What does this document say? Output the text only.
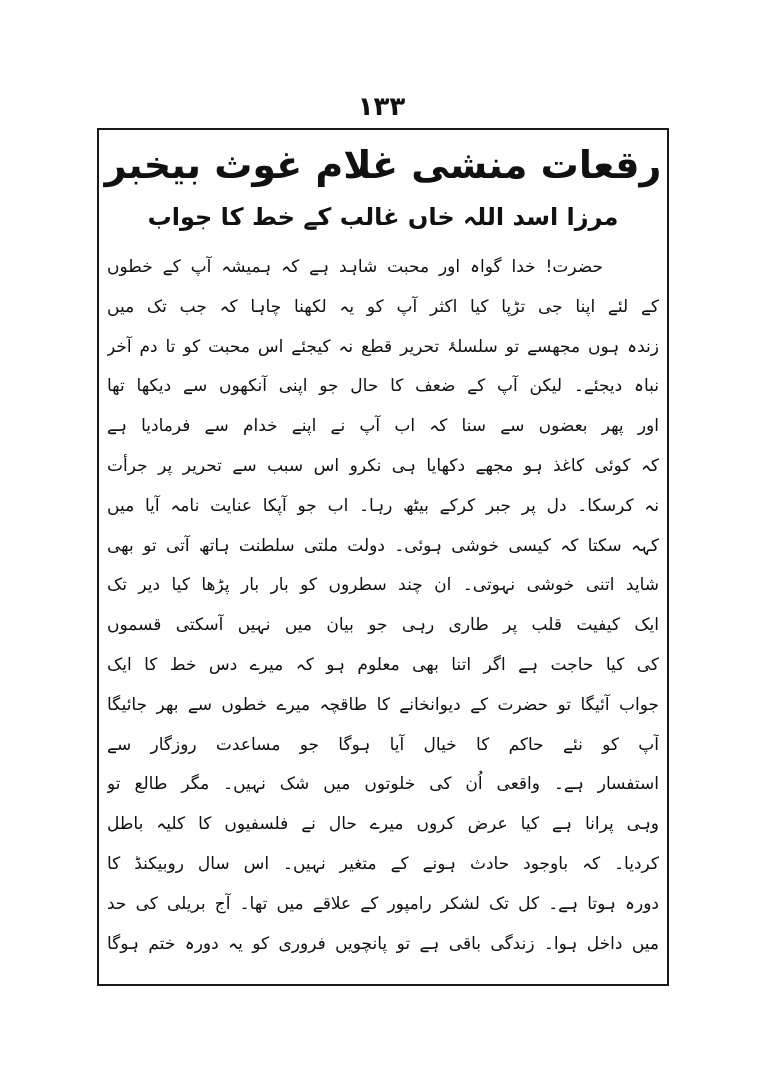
۱۳۳
رقعات منشی غلام غوث بیخبر
مرزا اسد اللہ خاں غالب کے خط کا جواب
حضرت! خدا گواہ اور محبت شاہد ہے کہ ہمیشہ آپ کے خطوں
کے لئے اپنا جی تڑپا کیا اکثر آپ کو یہ لکھنا چاہا کہ جب تک میں
زندہ ہوں مجھسے تو سلسلۂ تحریر قطع نہ کیجئے اس محبت کو تا دم آخر
نباہ دیجئے۔ لیکن آپ کے ضعف کا حال جو اپنی آنکھوں سے دیکھا تھا
اور پھر بعضوں سے سنا کہ اب آپ نے اپنے خدام سے فرمادیا ہے
کہ کوئی کاغذ ہو مجھے دکھایا ہی نکرو اس سبب سے تحریر پر جرأت
نہ کرسکا۔ دل پر جبر کرکے بیٹھ رہا۔ اب جو آپکا عنایت نامہ آیا میں
کہہ سکتا کہ کیسی خوشی ہوئی۔ دولت ملتی سلطنت ہاتھ آتی تو بھی
شاید اتنی خوشی نہوتی۔ ان چند سطروں کو بار بار پڑھا کیا دیر تک
ایک کیفیت قلب پر طاری رہی جو بیان میں نہیں آسکتی قسموں
کی کیا حاجت ہے اگر اتنا بھی معلوم ہو کہ میرے دس خط کا ایک
جواب آئیگا تو حضرت کے دیوانخانے کا طاقچہ میرے خطوں سے بھر جائیگا
آپ کو نئے حاکم کا خیال آیا ہوگا جو مساعدت روزگار سے
استفسار ہے۔ واقعی اُن کی خلوتوں میں شک نہیں۔ مگر طالع تو
وہی پرانا ہے کیا عرض کروں میرے حال نے فلسفیوں کا کلیہ باطل
کردیا۔ کہ باوجود حادث ہونے کے متغیر نہیں۔ اس سال روبیکنڈ کا
دورہ ہوتا ہے۔ کل تک لشکر رامپور کے علاقے میں تھا۔ آج بریلی کی حد
میں داخل ہوا۔ زندگی باقی ہے تو پانچویں فروری کو یہ دورہ ختم ہوگا
